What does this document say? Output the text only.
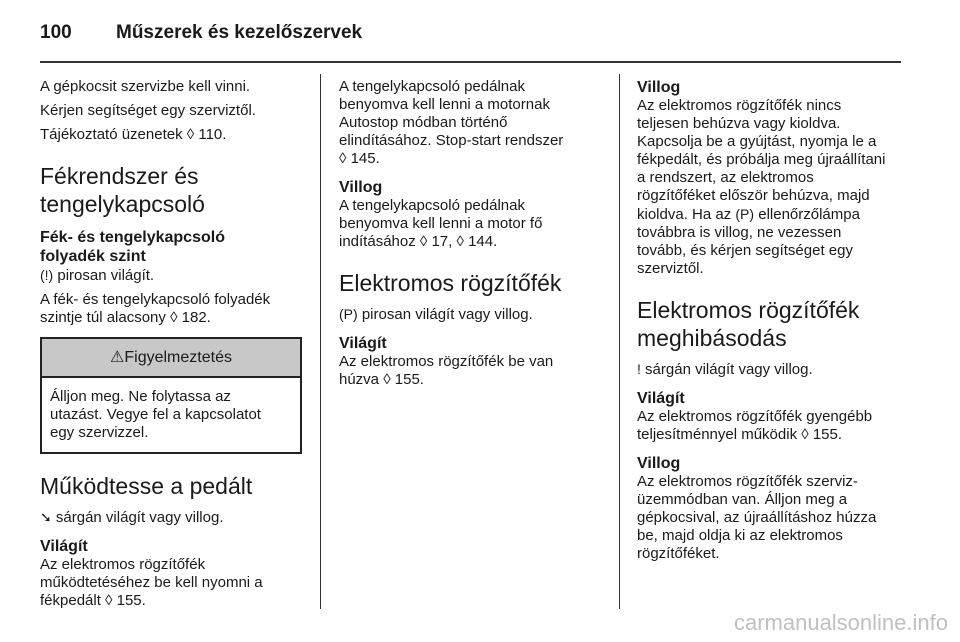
100 Műszerek és kezelőszervek

A gépkocsit szervizbe kell vinni.

Kérjen segítséget egy szerviztől.

Tájékoztató üzenetek ◊ 110.

Fékrendszer és
tengelykapcsoló
Fék- és tengelykapcsoló
folyadék szint

(!) pirosan világít.

A fék- és tengelykapcsoló folyadék
szintje túl alacsony ◊ 182.

⚠Figyelmeztetés
Álljon meg. Ne folytassa az
utazást. Vegye fel a kapcsolatot
egy szervizzel.
Működtesse a pedált

➘ sárgán világít vagy villog.

Világít

Az elektromos rögzítőfék
működtetéséhez be kell nyomni a
fékpedált ◊ 155.

A tengelykapcsoló pedálnak
benyomva kell lenni a motornak
Autostop módban történő
elindításához. Stop-start rendszer
◊ 145.

Villog

A tengelykapcsoló pedálnak
benyomva kell lenni a motor fő
indításához ◊ 17, ◊ 144.

Elektromos rögzítőfék

(P) pirosan világít vagy villog.

Világít

Az elektromos rögzítőfék be van
húzva ◊ 155.

Villog

Az elektromos rögzítőfék nincs
teljesen behúzva vagy kioldva.
Kapcsolja be a gyújtást, nyomja le a
fékpedált, és próbálja meg újraállítani
a rendszert, az elektromos
rögzítőféket először behúzva, majd
kioldva. Ha az (P) ellenőrzőlámpa
továbbra is villog, ne vezessen
tovább, és kérjen segítséget egy
szerviztől.

Elektromos rögzítőfék
meghibásodás

! sárgán világít vagy villog.

Világít

Az elektromos rögzítőfék gyengébb
teljesítménnyel működik ◊ 155.

Villog

Az elektromos rögzítőfék szerviz-
üzemmódban van. Álljon meg a
gépkocsival, az újraállításhoz húzza
be, majd oldja ki az elektromos
rögzítőféket.

carmanualsonline.info
